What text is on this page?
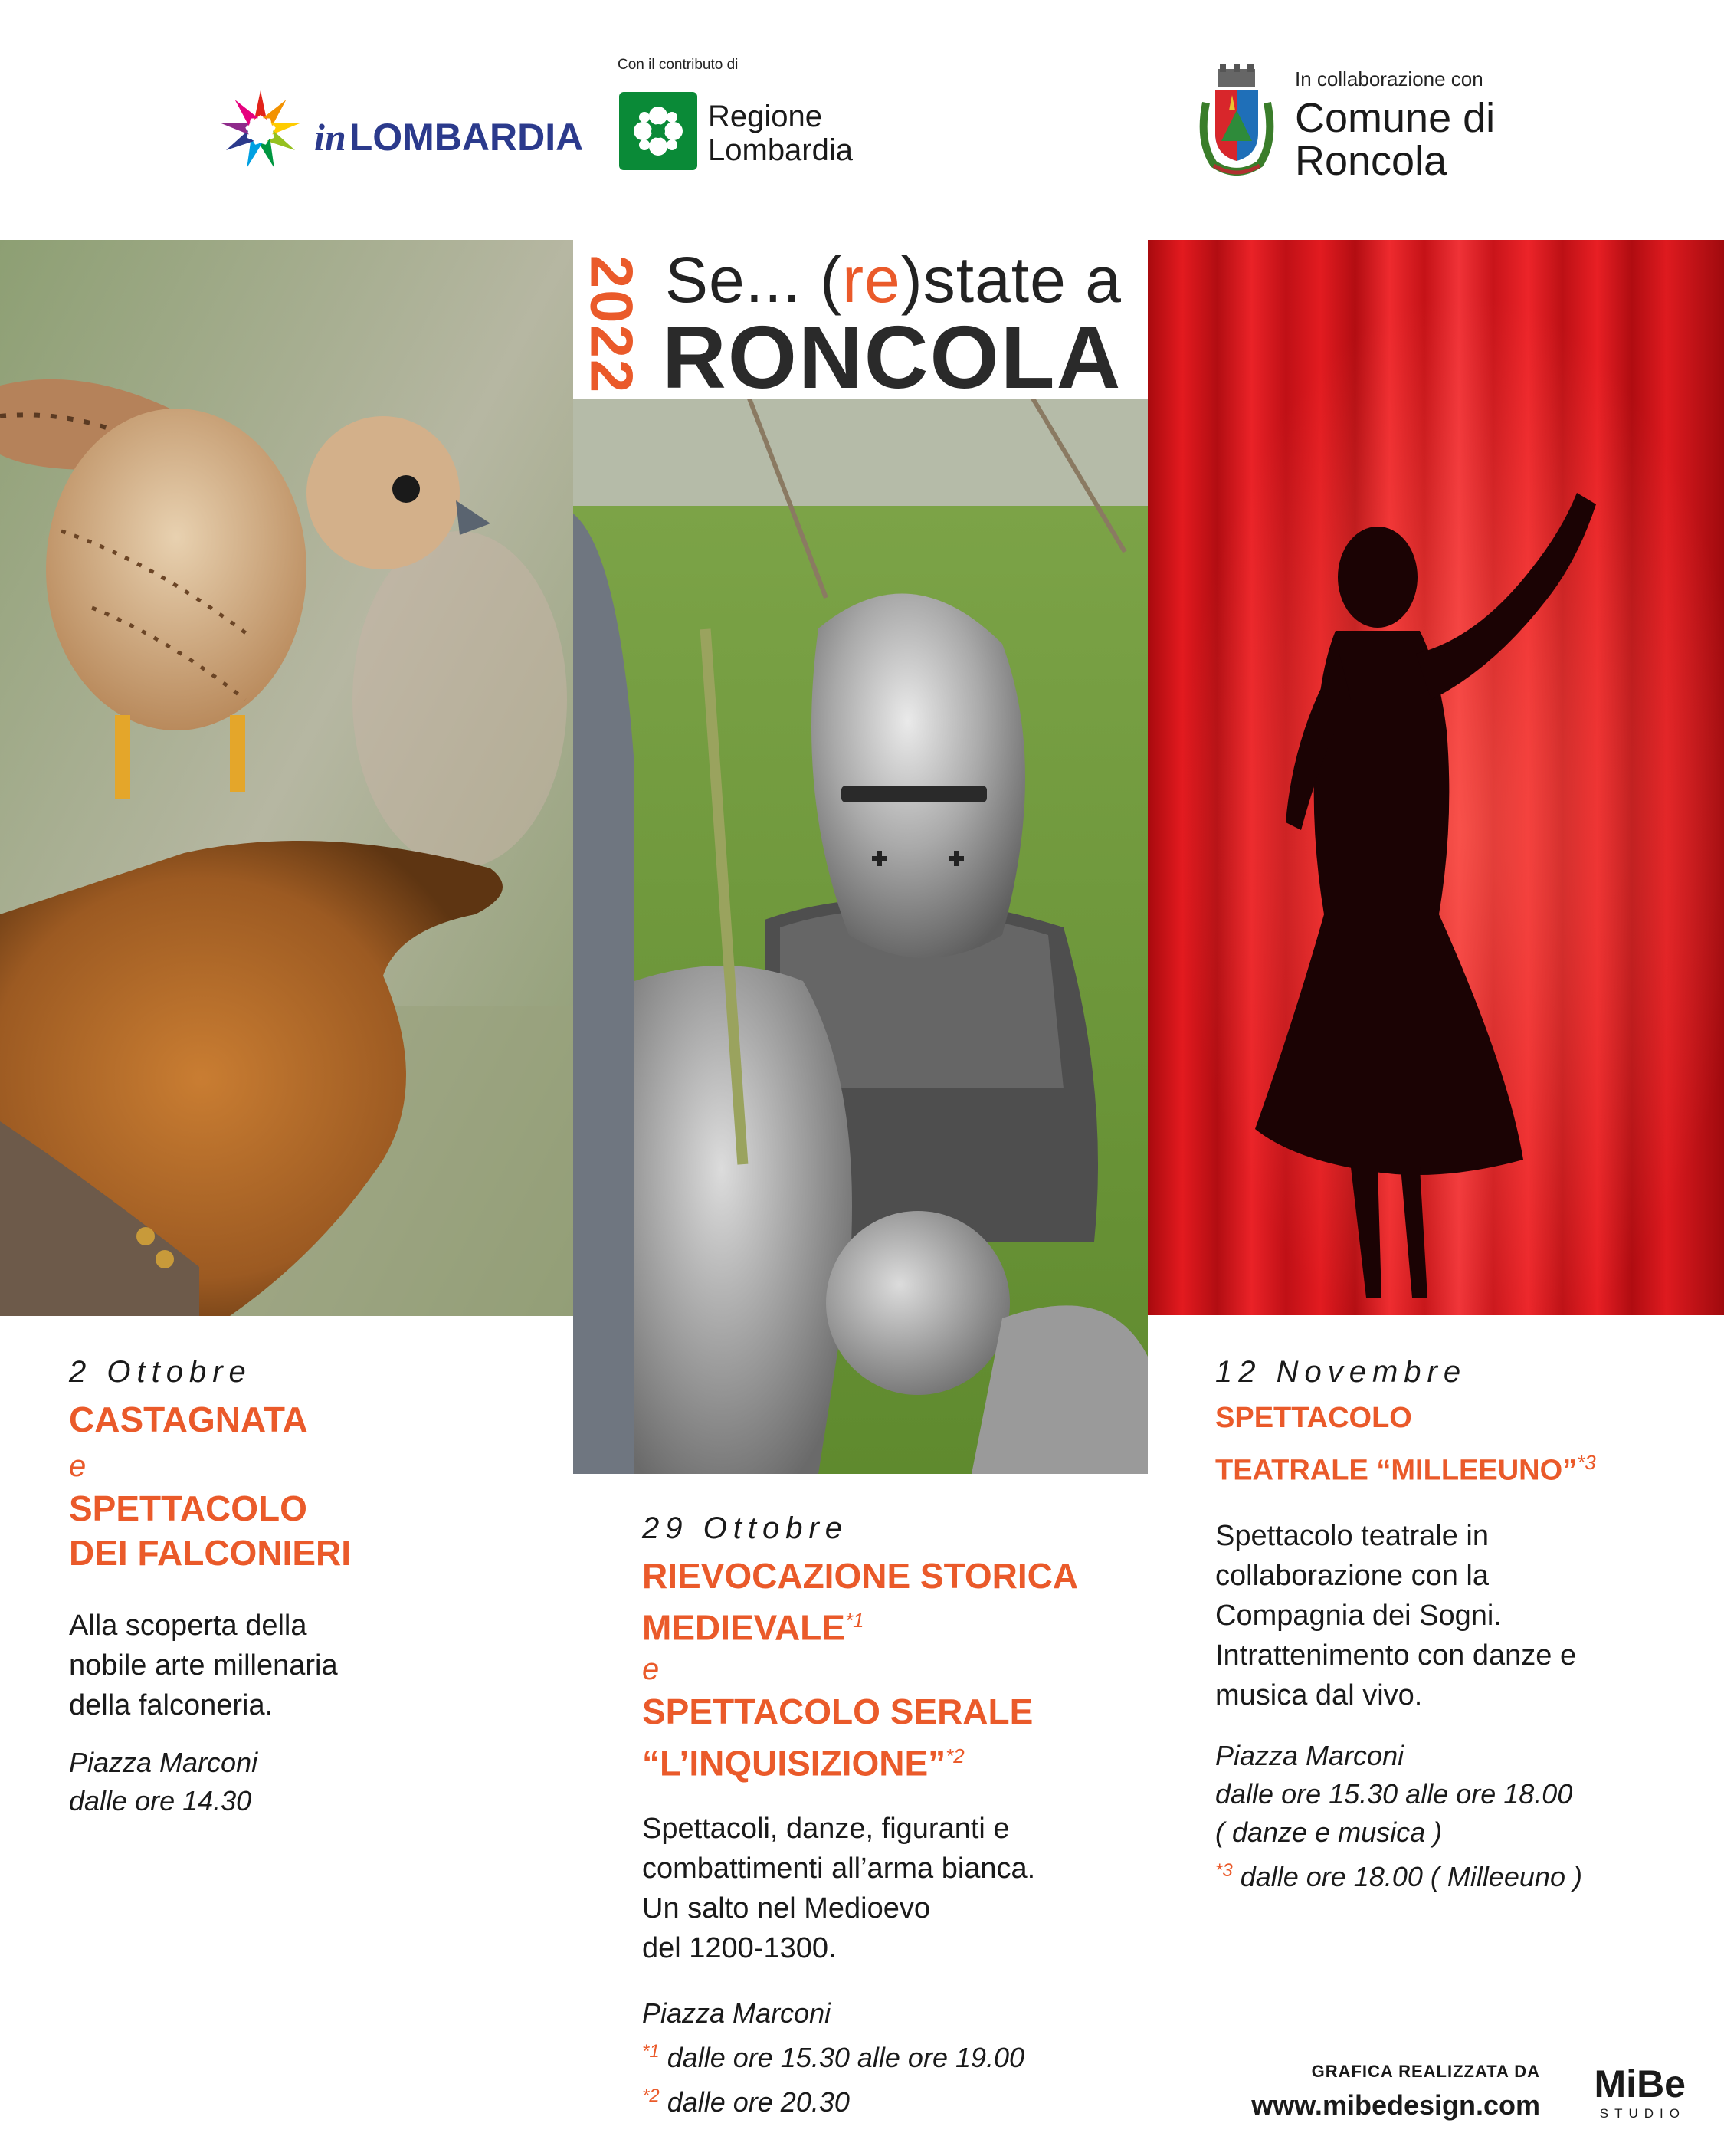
inLOMBARDIA
Con il contributo di
Regione
Lombardia
In collaborazione con
Comune di
Roncola
2022 Se... (re)state a
RONCOLA
2 Ottobre
CASTAGNATA
e
SPETTACOLO
DEI FALCONIERI
Alla scoperta della
nobile arte millenaria
della falconeria.
Piazza Marconi
dalle ore 14.30
29 Ottobre
RIEVOCAZIONE STORICA
MEDIEVALE$^{*1}$
e
SPETTACOLO SERALE
“L’INQUISIZIONE”$^{*2}$
Spettacoli, danze, figuranti e
combattimenti all’arma bianca.
Un salto nel Medioevo
del 1200-1300.
Piazza Marconi
$^{*1}$ dalle ore 15.30 alle ore 19.00
$^{*2}$ dalle ore 20.30
12 Novembre
SPETTACOLO
TEATRALE “MILLEEUNO”$^{*3}$
Spettacolo teatrale in
collaborazione con la
Compagnia dei Sogni.
Intrattenimento con danze e
musica dal vivo.
Piazza Marconi
dalle ore 15.30 alle ore 18.00
( danze e musica )
$^{*3}$ dalle ore 18.00 ( Milleeuno )
GRAFICA REALIZZATA DA
www.mibedesign.com MiBe
STUDIO
